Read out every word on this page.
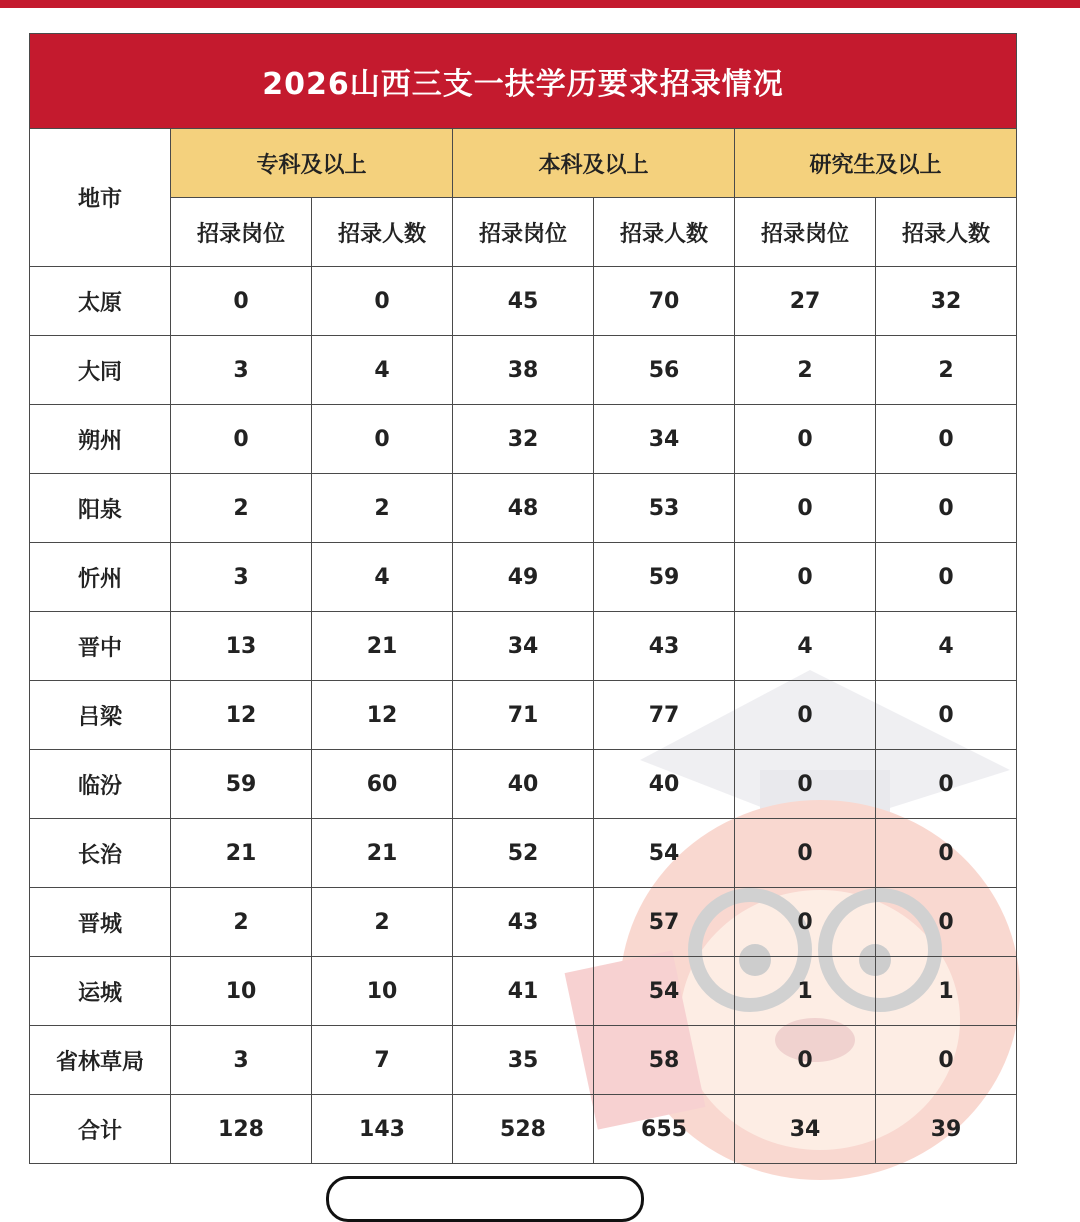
2026山西三支一扶学历要求招录情况						
地市	专科及以上		本科及以上		研究生及以上	
	招录岗位	招录人数	招录岗位	招录人数	招录岗位	招录人数
太原	0	0	45	70	27	32
大同	3	4	38	56	2	2
朔州	0	0	32	34	0	0
阳泉	2	2	48	53	0	0
忻州	3	4	49	59	0	0
晋中	13	21	34	43	4	4
吕梁	12	12	71	77	0	0
临汾	59	60	40	40	0	0
长治	21	21	52	54	0	0
晋城	2	2	43	57	0	0
运城	10	10	41	54	1	1
省林草局	3	7	35	58	0	0
合计	128	143	528	655	34	39
